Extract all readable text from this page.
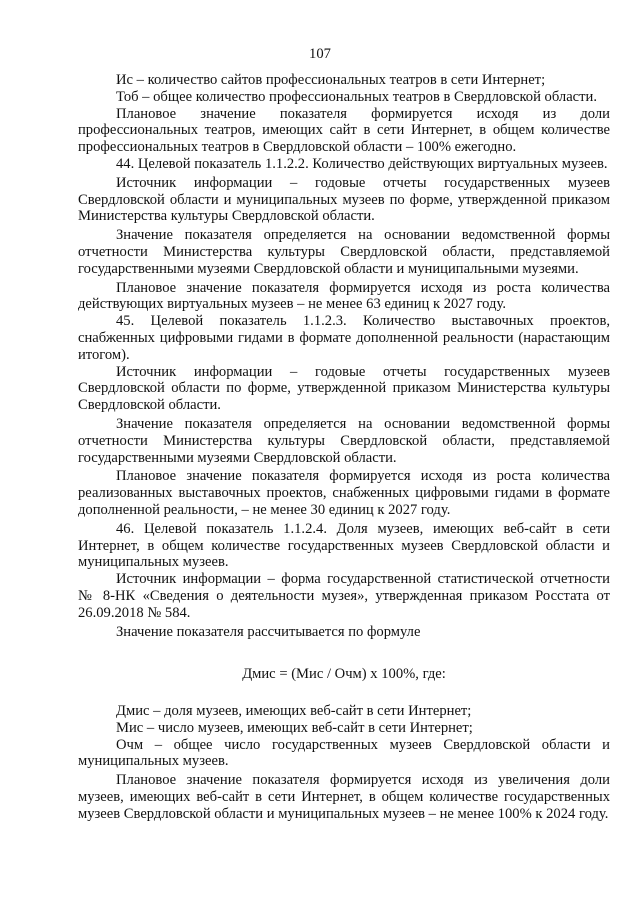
107

Ис – количество сайтов профессиональных театров в сети Интернет;

Тоб – общее количество профессиональных театров в Свердловской области.

Плановое значение показателя формируется исходя из доли профессиональных театров, имеющих сайт в сети Интернет, в общем количестве профессиональных театров в Свердловской области – 100% ежегодно.

44. Целевой показатель 1.1.2.2. Количество действующих виртуальных музеев.

Источник информации – годовые отчеты государственных музеев Свердловской области и муниципальных музеев по форме, утвержденной приказом Министерства культуры Свердловской области.

Значение показателя определяется на основании ведомственной формы отчетности Министерства культуры Свердловской области, представляемой государственными музеями Свердловской области и муниципальными музеями.

Плановое значение показателя формируется исходя из роста количества действующих виртуальных музеев – не менее 63 единиц к 2027 году.

45. Целевой показатель 1.1.2.3. Количество выставочных проектов, снабженных цифровыми гидами в формате дополненной реальности (нарастающим итогом).

Источник информации – годовые отчеты государственных музеев Свердловской области по форме, утвержденной приказом Министерства культуры Свердловской области.

Значение показателя определяется на основании ведомственной формы отчетности Министерства культуры Свердловской области, представляемой государственными музеями Свердловской области.

Плановое значение показателя формируется исходя из роста количества реализованных выставочных проектов, снабженных цифровыми гидами в формате дополненной реальности, – не менее 30 единиц к 2027 году.

46. Целевой показатель 1.1.2.4. Доля музеев, имеющих веб-сайт в сети Интернет, в общем количестве государственных музеев Свердловской области и муниципальных музеев.

Источник информации – форма государственной статистической отчетности № 8-НК «Сведения о деятельности музея», утвержденная приказом Росстата от 26.09.2018 № 584.

Значение показателя рассчитывается по формуле

Дмис = (Мис / Очм) x 100%, где:

Дмис – доля музеев, имеющих веб-сайт в сети Интернет;

Мис – число музеев, имеющих веб-сайт в сети Интернет;

Очм – общее число государственных музеев Свердловской области и муниципальных музеев.

Плановое значение показателя формируется исходя из увеличения доли музеев, имеющих веб-сайт в сети Интернет, в общем количестве государственных музеев Свердловской области и муниципальных музеев – не менее 100% к 2024 году.
